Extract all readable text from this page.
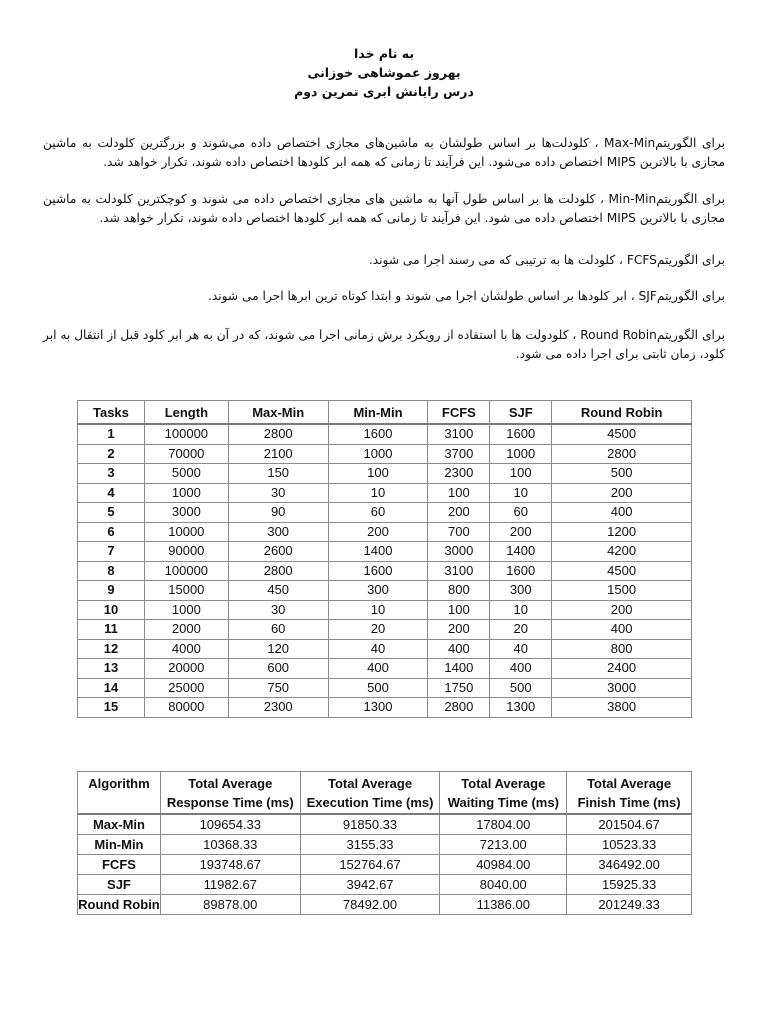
به نام خدا
بهروز عموشاهی خوزانی
درس رایانش ابری تمرین دوم

برای الگوریتمMax-Min ، کلودلت‌ها بر اساس طولشان به ماشین‌های مجازی اختصاص داده می‌شوند و بزرگترین کلودلت به ماشین مجازی با بالاترین MIPS اختصاص داده می‌شود. این فرآیند تا زمانی که همه ابر کلودها اختصاص داده شوند، تکرار خواهد شد.

برای الگوریتمMin-Min ، کلودلت ها بر اساس طول آنها به ماشین های مجازی اختصاص داده می شوند و کوچکترین کلودلت به ماشین مجازی با بالاترین MIPS اختصاص داده می شود. این فرآیند تا زمانی که همه ابر کلودها اختصاص داده شوند، تکرار خواهد شد.

برای الگوریتمFCFS ، کلودلت ها به ترتیبی که می رسند اجرا می شوند.

برای الگوریتمSJF ، ابر کلودها بر اساس طولشان اجرا می شوند و ابتدا کوتاه ترین ابرها اجرا می شوند.

برای الگوریتمRound Robin ، کلودولت ها با استفاده از رویکرد برش زمانی اجرا می شوند، که در آن به هر ابر کلود قبل از انتقال به ابر کلود، زمان ثابتی برای اجرا داده می شود.

Tasks	Length	Max-Min	Min-Min	FCFS	SJF	Round Robin
1	100000	2800	1600	3100	1600	4500
2	70000	2100	1000	3700	1000	2800
3	5000	150	100	2300	100	500
4	1000	30	10	100	10	200
5	3000	90	60	200	60	400
6	10000	300	200	700	200	1200
7	90000	2600	1400	3000	1400	4200
8	100000	2800	1600	3100	1600	4500
9	15000	450	300	800	300	1500
10	1000	30	10	100	10	200
11	2000	60	20	200	20	400
12	4000	120	40	400	40	800
13	20000	600	400	1400	400	2400
14	25000	750	500	1750	500	3000
15	80000	2300	1300	2800	1300	3800
Algorithm	Total Average Response Time (ms)	Total Average Execution Time (ms)	Total Average Waiting Time (ms)	Total Average Finish Time (ms)
Max-Min	109654.33	91850.33	17804.00	201504.67
Min-Min	10368.33	3155.33	7213.00	10523.33
FCFS	193748.67	152764.67	40984.00	346492.00
SJF	11982.67	3942.67	8040.00	15925.33
Round Robin	89878.00	78492.00	11386.00	201249.33
